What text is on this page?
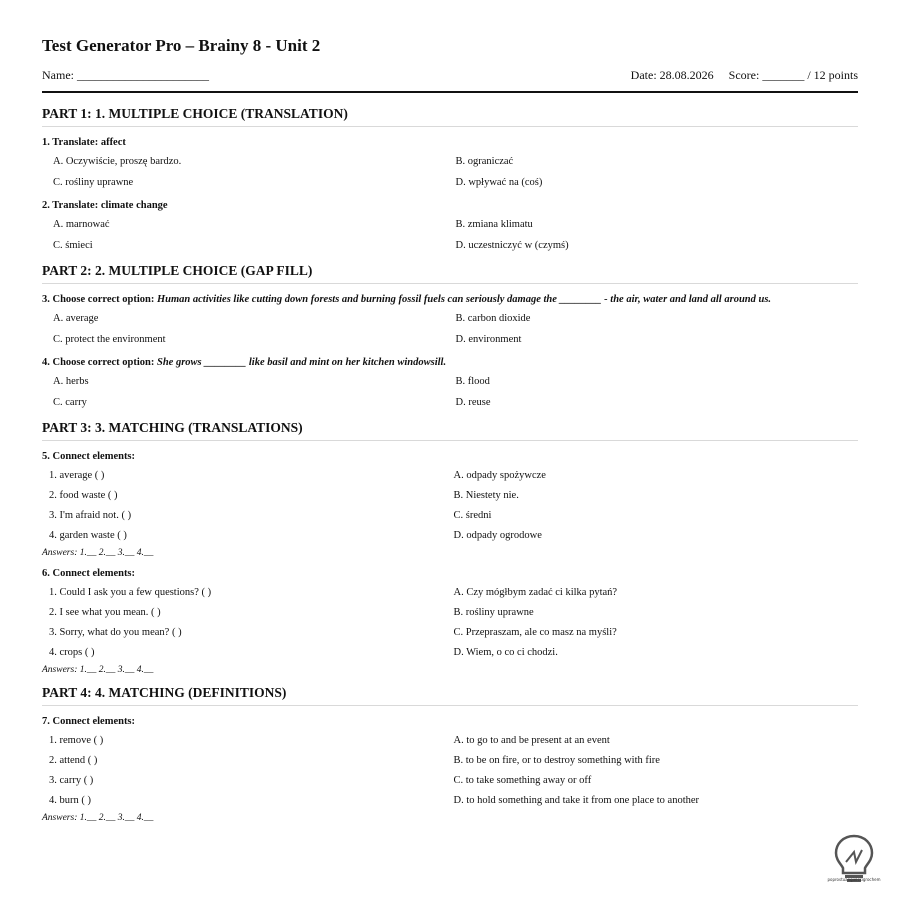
Test Generator Pro – Brainy 8 - Unit 2
Name: ______________________	Date: 28.08.2026 Score: _______ / 12 points
PART 1: 1. MULTIPLE CHOICE (TRANSLATION)
1. Translate: affect
A. Oczywiście, proszę bardzo.	B. ograniczać
C. rośliny uprawne	D. wpływać na (coś)
2. Translate: climate change
A. marnować	B. zmiana klimatu
C. śmieci	D. uczestniczyć w (czymś)
PART 2: 2. MULTIPLE CHOICE (GAP FILL)
3. Choose correct option: Human activities like cutting down forests and burning fossil fuels can seriously damage the ________ - the air, water and land all around us.
A. average	B. carbon dioxide
C. protect the environment	D. environment
4. Choose correct option: She grows ________ like basil and mint on her kitchen windowsill.
A. herbs	B. flood
C. carry	D. reuse
PART 3: 3. MATCHING (TRANSLATIONS)
5. Connect elements:
1. average ( )	A. odpady spożywcze
2. food waste ( )	B. Niestety nie.
3. I'm afraid not. ( )	C. średni
4. garden waste ( )	D. odpady ogrodowe
Answers: 1.__ 2.__ 3.__ 4.__
6. Connect elements:
1. Could I ask you a few questions? ( )	A. Czy mógłbym zadać ci kilka pytań?
2. I see what you mean. ( )	B. rośliny uprawne
3. Sorry, what do you mean? ( )	C. Przepraszam, ale co masz na myśli?
4. crops ( )	D. Wiem, o co ci chodzi.
Answers: 1.__ 2.__ 3.__ 4.__
PART 4: 4. MATCHING (DEFINITIONS)
7. Connect elements:
1. remove ( )	A. to go to and be present at an event
2. attend ( )	B. to be on fire, or to destroy something with fire
3. carry ( )	C. to take something away or off
4. burn ( )	D. to hold something and take it from one place to another
Answers: 1.__ 2.__ 3.__ 4.__
poprostuangielskigrochem
